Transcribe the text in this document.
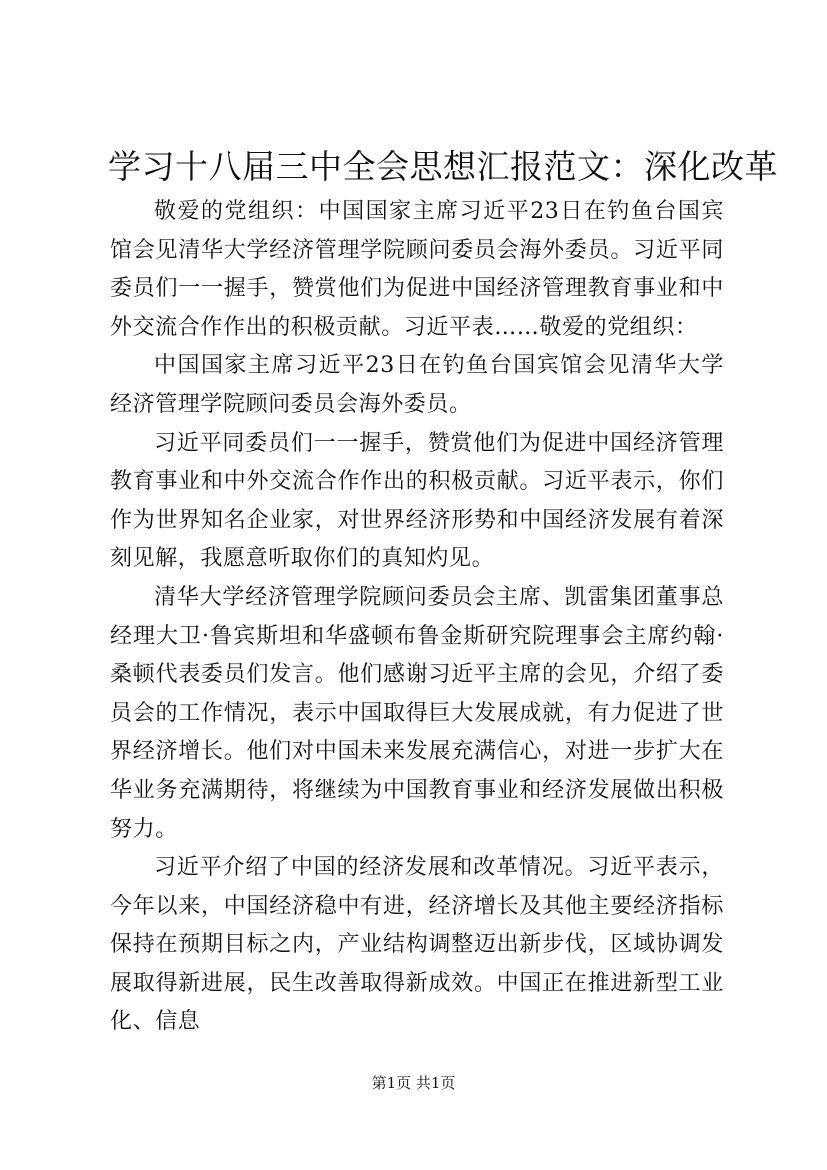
学习十八届三中全会思想汇报范文：深化改革

敬爱的党组织：中国国家主席习近平23日在钓鱼台国宾馆会见清华大学经济管理学院顾问委员会海外委员。习近平同委员们一一握手，赞赏他们为促进中国经济管理教育事业和中外交流合作作出的积极贡献。习近平表……敬爱的党组织：

中国国家主席习近平23日在钓鱼台国宾馆会见清华大学经济管理学院顾问委员会海外委员。

习近平同委员们一一握手，赞赏他们为促进中国经济管理教育事业和中外交流合作作出的积极贡献。习近平表示，你们作为世界知名企业家，对世界经济形势和中国经济发展有着深刻见解，我愿意听取你们的真知灼见。

清华大学经济管理学院顾问委员会主席、凯雷集团董事总经理大卫·鲁宾斯坦和华盛顿布鲁金斯研究院理事会主席约翰·桑顿代表委员们发言。他们感谢习近平主席的会见，介绍了委员会的工作情况，表示中国取得巨大发展成就，有力促进了世界经济增长。他们对中国未来发展充满信心，对进一步扩大在华业务充满期待，将继续为中国教育事业和经济发展做出积极努力。

习近平介绍了中国的经济发展和改革情况。习近平表示，今年以来，中国经济稳中有进，经济增长及其他主要经济指标保持在预期目标之内，产业结构调整迈出新步伐，区域协调发展取得新进展，民生改善取得新成效。中国正在推进新型工业化、信息

第1页 共1页
